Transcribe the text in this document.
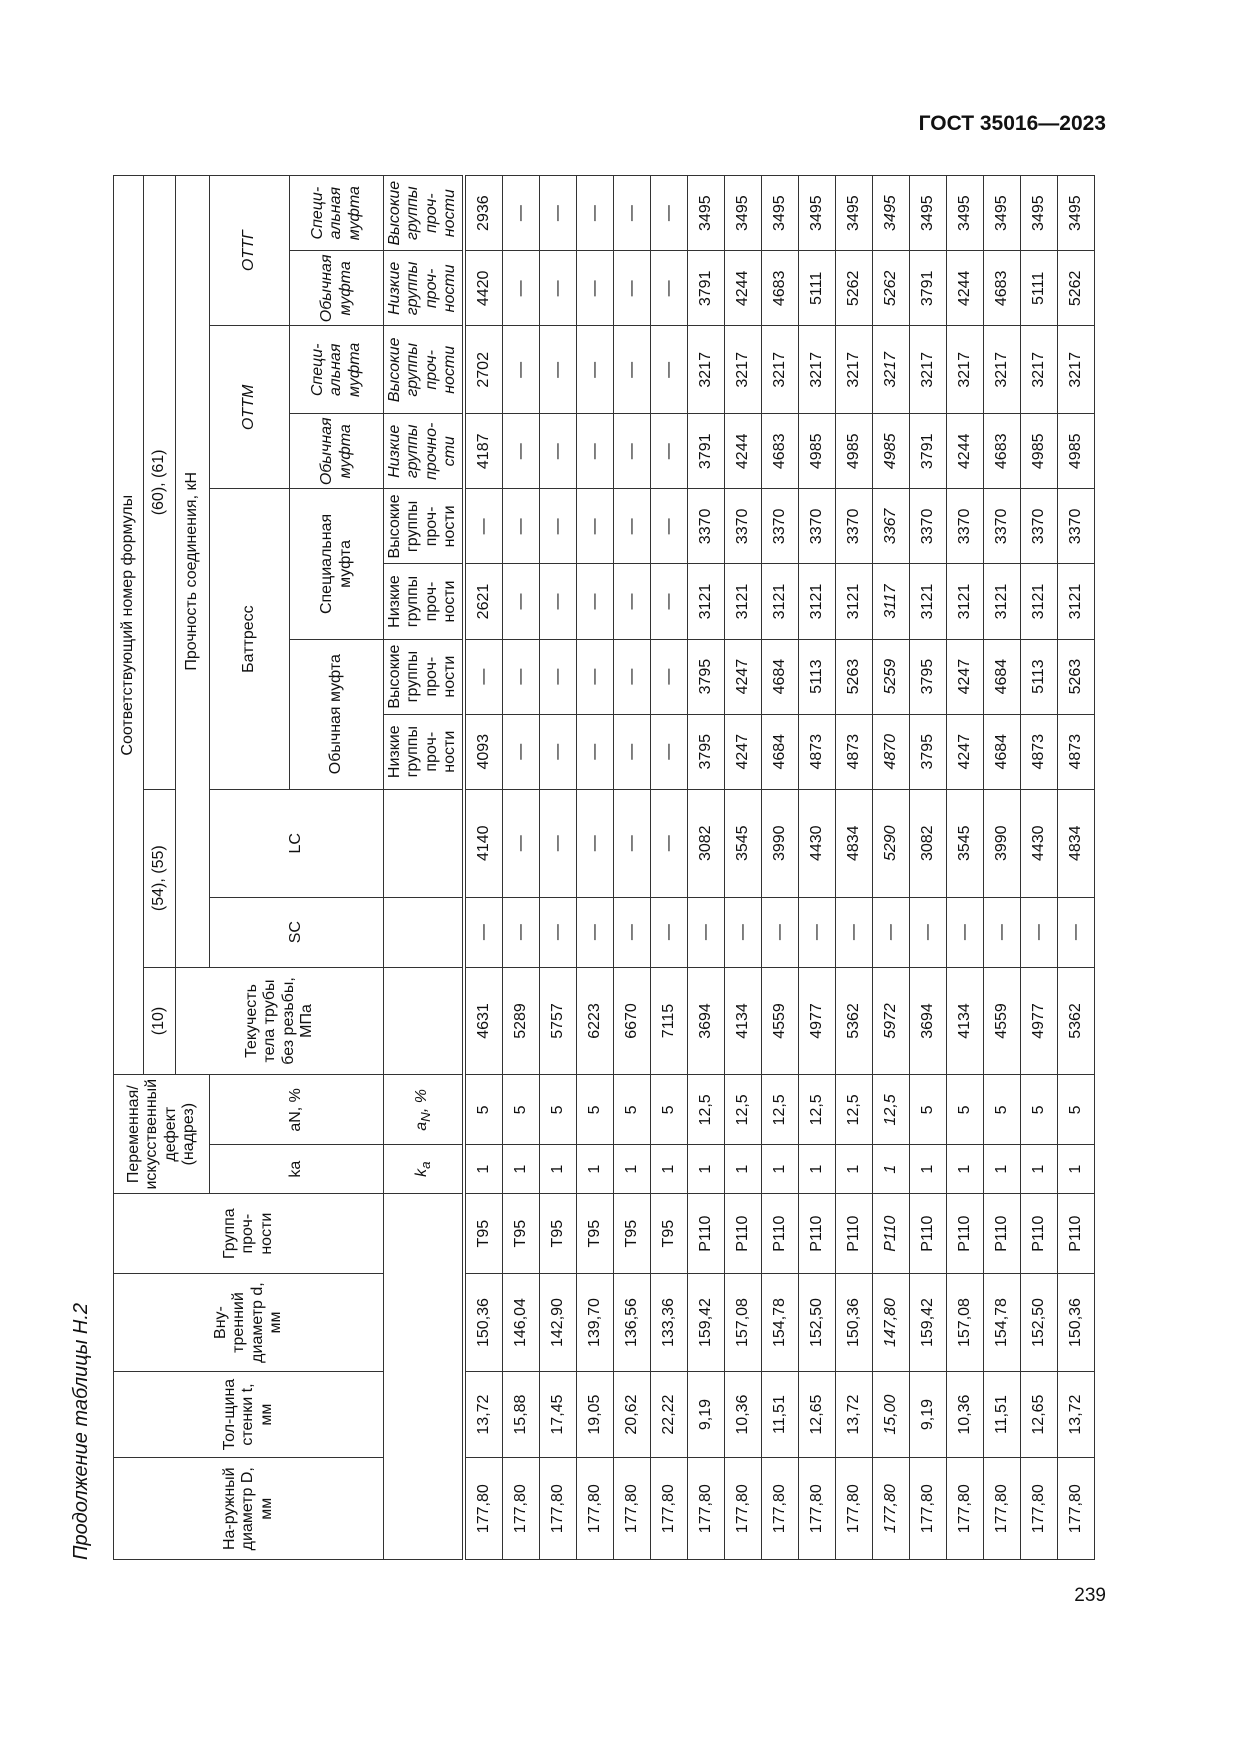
ГОСТ 35016—2023
239
Продолжение таблицы Н.2	На-ружный диаметр D, мм	Тол-щина стенки t, мм	Вну-тренний диаметр d, мм	Группа проч-ности	Переменная/ искусственный дефект (надрез)		Соответствующий номер формулы										
						(10)	(54), (55)		(60), (61)							
						Текучесть тела трубы без резьбы, МПа	Прочность соединения, кН									
				ka	aN, %		SC	LC	Баттресс				ОТТМ		ОТТГ	
									Обычная муфта		Специальная муфта		Обычная муфта	Специ-альная муфта	Обычная муфта	Специ-альная муфта
				$k_a$	$a_N$, %				Низкие группы проч-ности	Высокие группы проч-ности	Низкие группы проч-ности	Высокие группы проч-ности	Низкие группы прочно-сти	Высокие группы проч-ности	Низкие группы проч-ности	Высокие группы проч-ности
177,80	13,72	150,36	T95	1	5	4631	—	4140	4093	—	2621	—	4187	2702	4420	2936
177,80	15,88	146,04	T95	1	5	5289	—	—	—	—	—	—	—	—	—	—
177,80	17,45	142,90	T95	1	5	5757	—	—	—	—	—	—	—	—	—	—
177,80	19,05	139,70	T95	1	5	6223	—	—	—	—	—	—	—	—	—	—
177,80	20,62	136,56	T95	1	5	6670	—	—	—	—	—	—	—	—	—	—
177,80	22,22	133,36	T95	1	5	7115	—	—	—	—	—	—	—	—	—	—
177,80	9,19	159,42	P110	1	12,5	3694	—	3082	3795	3795	3121	3370	3791	3217	3791	3495
177,80	10,36	157,08	P110	1	12,5	4134	—	3545	4247	4247	3121	3370	4244	3217	4244	3495
177,80	11,51	154,78	P110	1	12,5	4559	—	3990	4684	4684	3121	3370	4683	3217	4683	3495
177,80	12,65	152,50	P110	1	12,5	4977	—	4430	4873	5113	3121	3370	4985	3217	5111	3495
177,80	13,72	150,36	P110	1	12,5	5362	—	4834	4873	5263	3121	3370	4985	3217	5262	3495
177,80	15,00	147,80	P110	1	12,5	5972	—	5290	4870	5259	3117	3367	4985	3217	5262	3495
177,80	9,19	159,42	P110	1	5	3694	—	3082	3795	3795	3121	3370	3791	3217	3791	3495
177,80	10,36	157,08	P110	1	5	4134	—	3545	4247	4247	3121	3370	4244	3217	4244	3495
177,80	11,51	154,78	P110	1	5	4559	—	3990	4684	4684	3121	3370	4683	3217	4683	3495
177,80	12,65	152,50	P110	1	5	4977	—	4430	4873	5113	3121	3370	4985	3217	5111	3495
177,80	13,72	150,36	P110	1	5	5362	—	4834	4873	5263	3121	3370	4985	3217	5262	3495
